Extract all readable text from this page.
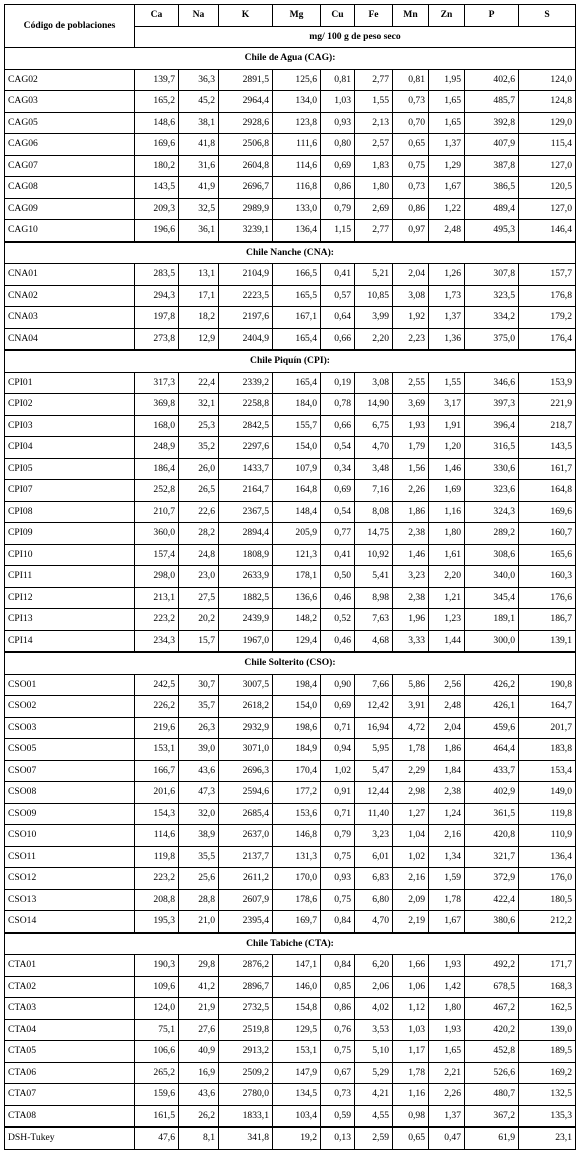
Código de poblaciones	Ca	Na	K	Mg	Cu	Fe	Mn	Zn	P	S
	mg/ 100 g de peso seco									
Chile de Agua (CAG):										
CAG02	139,7	36,3	2891,5	125,6	0,81	2,77	0,81	1,95	402,6	124,0
CAG03	165,2	45,2	2964,4	134,0	1,03	1,55	0,73	1,65	485,7	124,8
CAG05	148,6	38,1	2928,6	123,8	0,93	2,13	0,70	1,65	392,8	129,0
CAG06	169,6	41,8	2506,8	111,6	0,80	2,57	0,65	1,37	407,9	115,4
CAG07	180,2	31,6	2604,8	114,6	0,69	1,83	0,75	1,29	387,8	127,0
CAG08	143,5	41,9	2696,7	116,8	0,86	1,80	0,73	1,67	386,5	120,5
CAG09	209,3	32,5	2989,9	133,0	0,79	2,69	0,86	1,22	489,4	127,0
CAG10	196,6	36,1	3239,1	136,4	1,15	2,77	0,97	2,48	495,3	146,4
Chile Nanche (CNA):										
CNA01	283,5	13,1	2104,9	166,5	0,41	5,21	2,04	1,26	307,8	157,7
CNA02	294,3	17,1	2223,5	165,5	0,57	10,85	3,08	1,73	323,5	176,8
CNA03	197,8	18,2	2197,6	167,1	0,64	3,99	1,92	1,37	334,2	179,2
CNA04	273,8	12,9	2404,9	165,4	0,66	2,20	2,23	1,36	375,0	176,4
Chile Piquín (CPI):										
CPI01	317,3	22,4	2339,2	165,4	0,19	3,08	2,55	1,55	346,6	153,9
CPI02	369,8	32,1	2258,8	184,0	0,78	14,90	3,69	3,17	397,3	221,9
CPI03	168,0	25,3	2842,5	155,7	0,66	6,75	1,93	1,91	396,4	218,7
CPI04	248,9	35,2	2297,6	154,0	0,54	4,70	1,79	1,20	316,5	143,5
CPI05	186,4	26,0	1433,7	107,9	0,34	3,48	1,56	1,46	330,6	161,7
CPI07	252,8	26,5	2164,7	164,8	0,69	7,16	2,26	1,69	323,6	164,8
CPI08	210,7	22,6	2367,5	148,4	0,54	8,08	1,86	1,16	324,3	169,6
CPI09	360,0	28,2	2894,4	205,9	0,77	14,75	2,38	1,80	289,2	160,7
CPI10	157,4	24,8	1808,9	121,3	0,41	10,92	1,46	1,61	308,6	165,6
CPI11	298,0	23,0	2633,9	178,1	0,50	5,41	3,23	2,20	340,0	160,3
CPI12	213,1	27,5	1882,5	136,6	0,46	8,98	2,38	1,21	345,4	176,6
CPI13	223,2	20,2	2439,9	148,2	0,52	7,63	1,96	1,23	189,1	186,7
CPI14	234,3	15,7	1967,0	129,4	0,46	4,68	3,33	1,44	300,0	139,1
Chile Solterito (CSO):										
CSO01	242,5	30,7	3007,5	198,4	0,90	7,66	5,86	2,56	426,2	190,8
CSO02	226,2	35,7	2618,2	154,0	0,69	12,42	3,91	2,48	426,1	164,7
CSO03	219,6	26,3	2932,9	198,6	0,71	16,94	4,72	2,04	459,6	201,7
CSO05	153,1	39,0	3071,0	184,9	0,94	5,95	1,78	1,86	464,4	183,8
CSO07	166,7	43,6	2696,3	170,4	1,02	5,47	2,29	1,84	433,7	153,4
CSO08	201,6	47,3	2594,6	177,2	0,91	12,44	2,98	2,38	402,9	149,0
CSO09	154,3	32,0	2685,4	153,6	0,71	11,40	1,27	1,24	361,5	119,8
CSO10	114,6	38,9	2637,0	146,8	0,79	3,23	1,04	2,16	420,8	110,9
CSO11	119,8	35,5	2137,7	131,3	0,75	6,01	1,02	1,34	321,7	136,4
CSO12	223,2	25,6	2611,2	170,0	0,93	6,83	2,16	1,59	372,9	176,0
CSO13	208,8	28,8	2607,9	178,6	0,75	6,80	2,09	1,78	422,4	180,5
CSO14	195,3	21,0	2395,4	169,7	0,84	4,70	2,19	1,67	380,6	212,2
Chile Tabiche (CTA):										
CTA01	190,3	29,8	2876,2	147,1	0,84	6,20	1,66	1,93	492,2	171,7
CTA02	109,6	41,2	2896,7	146,0	0,85	2,06	1,06	1,42	678,5	168,3
CTA03	124,0	21,9	2732,5	154,8	0,86	4,02	1,12	1,80	467,2	162,5
CTA04	75,1	27,6	2519,8	129,5	0,76	3,53	1,03	1,93	420,2	139,0
CTA05	106,6	40,9	2913,2	153,1	0,75	5,10	1,17	1,65	452,8	189,5
CTA06	265,2	16,9	2509,2	147,9	0,67	5,29	1,78	2,21	526,6	169,2
CTA07	159,6	43,6	2780,0	134,5	0,73	4,21	1,16	2,26	480,7	132,5
CTA08	161,5	26,2	1833,1	103,4	0,59	4,55	0,98	1,37	367,2	135,3
DSH-Tukey	47,6	8,1	341,8	19,2	0,13	2,59	0,65	0,47	61,9	23,1
